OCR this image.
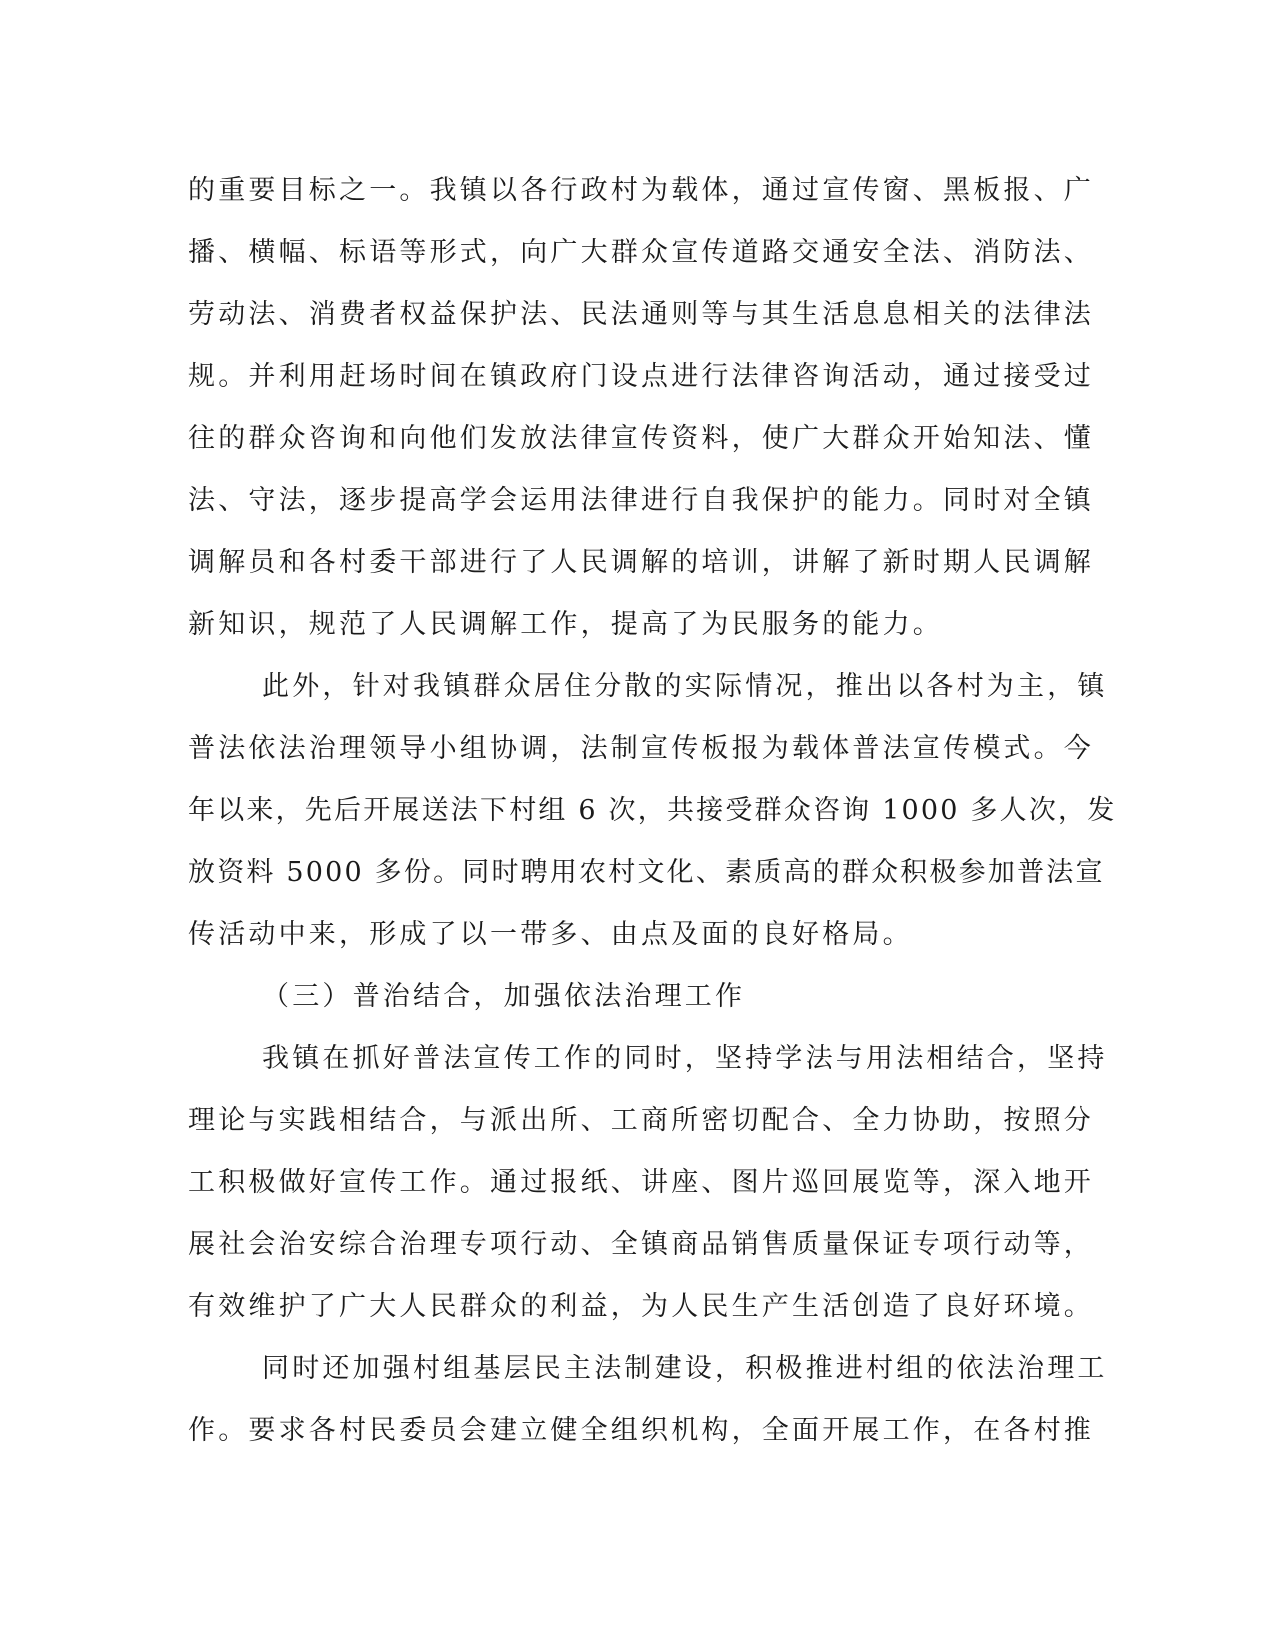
的重要目标之一。我镇以各行政村为载体，通过宣传窗、黑板报、广
播、横幅、标语等形式，向广大群众宣传道路交通安全法、消防法、
劳动法、消费者权益保护法、民法通则等与其生活息息相关的法律法
规。并利用赶场时间在镇政府门设点进行法律咨询活动，通过接受过
往的群众咨询和向他们发放法律宣传资料，使广大群众开始知法、懂
法、守法，逐步提高学会运用法律进行自我保护的能力。同时对全镇
调解员和各村委干部进行了人民调解的培训，讲解了新时期人民调解
新知识，规范了人民调解工作，提高了为民服务的能力。
此外，针对我镇群众居住分散的实际情况，推出以各村为主，镇
普法依法治理领导小组协调，法制宣传板报为载体普法宣传模式。今
年以来，先后开展送法下村组 6 次，共接受群众咨询 1000 多人次，发
放资料 5000 多份。同时聘用农村文化、素质高的群众积极参加普法宣
传活动中来，形成了以一带多、由点及面的良好格局。
（三）普治结合，加强依法治理工作
我镇在抓好普法宣传工作的同时，坚持学法与用法相结合，坚持
理论与实践相结合，与派出所、工商所密切配合、全力协助，按照分
工积极做好宣传工作。通过报纸、讲座、图片巡回展览等，深入地开
展社会治安综合治理专项行动、全镇商品销售质量保证专项行动等，
有效维护了广大人民群众的利益，为人民生产生活创造了良好环境。
同时还加强村组基层民主法制建设，积极推进村组的依法治理工
作。要求各村民委员会建立健全组织机构，全面开展工作，在各村推
